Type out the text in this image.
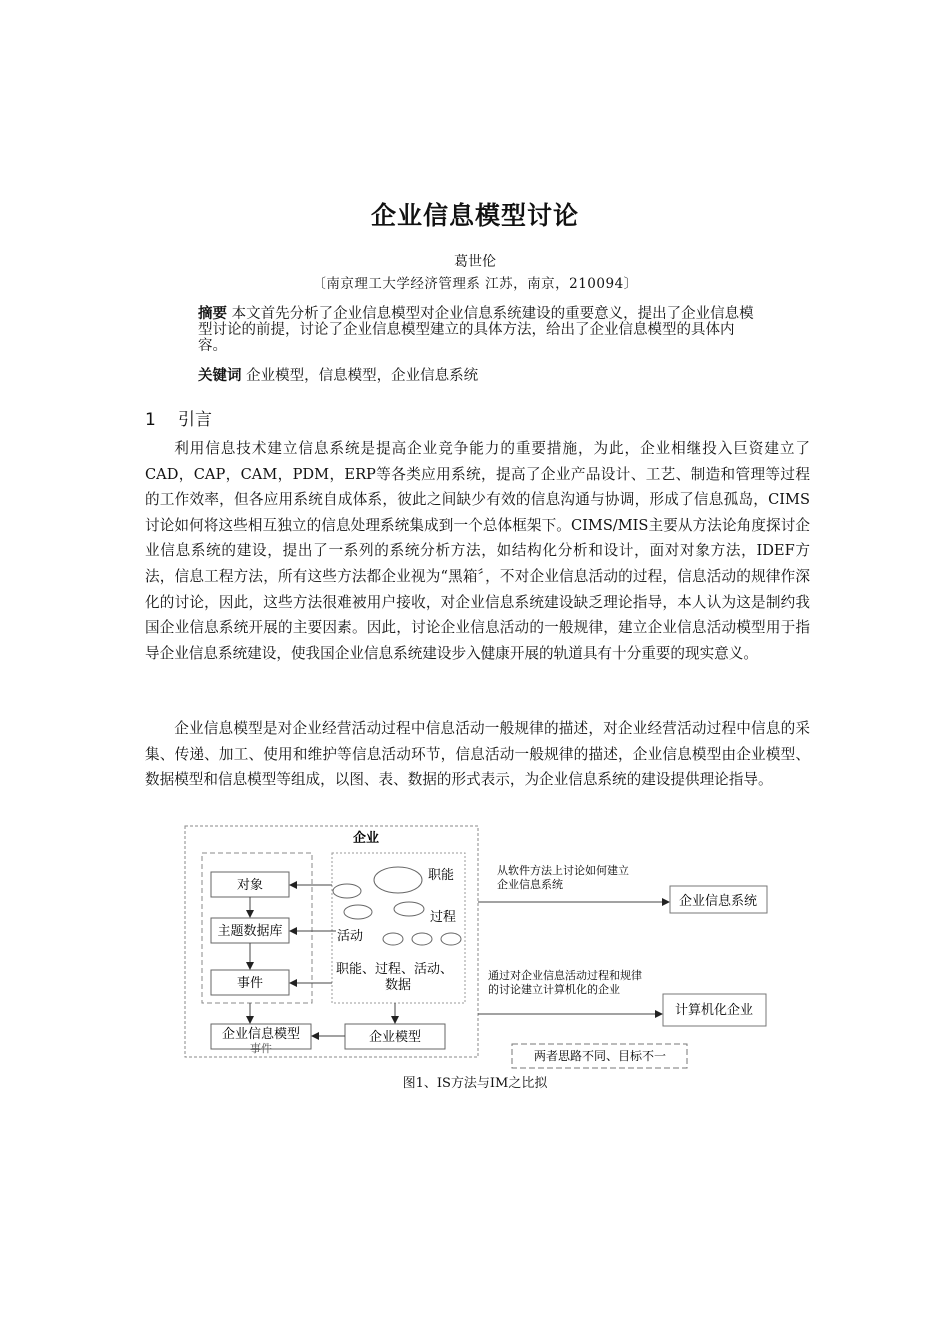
企业信息模型讨论
葛世伦
〔南京理工大学经济管理系 江苏，南京，210094〕
摘要 本文首先分析了企业信息模型对企业信息系统建设的重要意义，提出了企业信息模型讨论的前提，讨论了企业信息模型建立的具体方法，给出了企业信息模型的具体内容。
关键词 企业模型，信息模型，企业信息系统
1 引言

利用信息技术建立信息系统是提高企业竞争能力的重要措施，为此，企业相继投入巨资建立了CAD，CAP，CAM，PDM，ERP等各类应用系统，提高了企业产品设计、工艺、制造和管理等过程的工作效率，但各应用系统自成体系，彼此之间缺少有效的信息沟通与协调，形成了信息孤岛，CIMS讨论如何将这些相互独立的信息处理系统集成到一个总体框架下。CIMS/MIS主要从方法论角度探讨企业信息系统的建设，提出了一系列的系统分析方法，如结构化分析和设计，面对对象方法，IDEF方法，信息工程方法，所有这些方法都企业视为“黑箱〞，不对企业信息活动的过程，信息活动的规律作深化的讨论，因此，这些方法很难被用户接收，对企业信息系统建设缺乏理论指导，本人认为这是制约我国企业信息系统开展的主要因素。因此，讨论企业信息活动的一般规律，建立企业信息活动模型用于指导企业信息系统建设，使我国企业信息系统建设步入健康开展的轨道具有十分重要的现实意义。

企业信息模型是对企业经营活动过程中信息活动一般规律的描述，对企业经营活动过程中信息的采集、传递、加工、使用和维护等信息活动环节，信息活动一般规律的描述，企业信息模型由企业模型、数据模型和信息模型等组成，以图、表、数据的形式表示，为企业信息系统的建设提供理论指导。

企业
对象
主题数据库
事件
企业信息模型
事件
企业模型
职能
过程
活动
职能、过程、活动、
数据
从软件方法上讨论如何建立
企业信息系统
企业信息系统
通过对企业信息活动过程和规律
的讨论建立计算机化的企业
计算机化企业
两者思路不同、目标不一
图1、IS方法与IM之比拟
